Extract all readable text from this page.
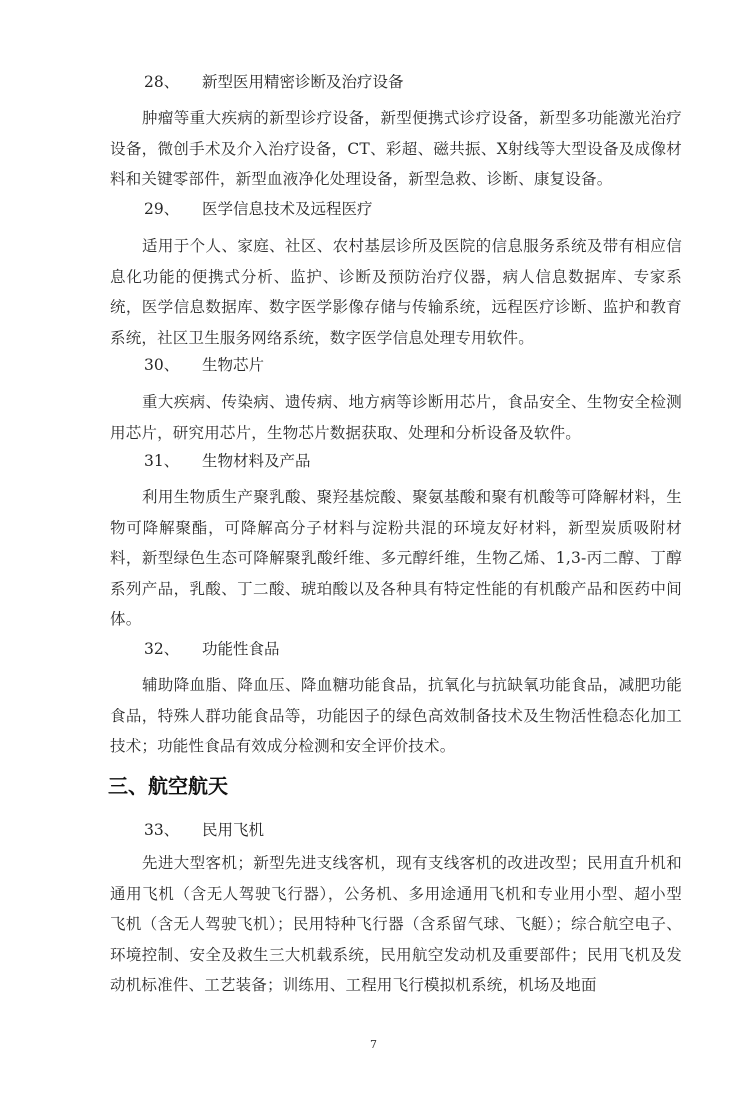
28、 新型医用精密诊断及治疗设备
肿瘤等重大疾病的新型诊疗设备，新型便携式诊疗设备，新型多功能激光治疗设备，微创手术及介入治疗设备，CT、彩超、磁共振、X射线等大型设备及成像材料和关键零部件，新型血液净化处理设备，新型急救、诊断、康复设备。
29、 医学信息技术及远程医疗
适用于个人、家庭、社区、农村基层诊所及医院的信息服务系统及带有相应信息化功能的便携式分析、监护、诊断及预防治疗仪器，病人信息数据库、专家系统，医学信息数据库、数字医学影像存储与传输系统，远程医疗诊断、监护和教育系统，社区卫生服务网络系统，数字医学信息处理专用软件。
30、 生物芯片
重大疾病、传染病、遗传病、地方病等诊断用芯片，食品安全、生物安全检测用芯片，研究用芯片，生物芯片数据获取、处理和分析设备及软件。
31、 生物材料及产品
利用生物质生产聚乳酸、聚羟基烷酸、聚氨基酸和聚有机酸等可降解材料，生物可降解聚酯，可降解高分子材料与淀粉共混的环境友好材料，新型炭质吸附材料，新型绿色生态可降解聚乳酸纤维、多元醇纤维，生物乙烯、1,3-丙二醇、丁醇系列产品，乳酸、丁二酸、琥珀酸以及各种具有特定性能的有机酸产品和医药中间体。
32、 功能性食品
辅助降血脂、降血压、降血糖功能食品，抗氧化与抗缺氧功能食品，减肥功能食品，特殊人群功能食品等，功能因子的绿色高效制备技术及生物活性稳态化加工技术；功能性食品有效成分检测和安全评价技术。
三、航空航天
33、 民用飞机
先进大型客机；新型先进支线客机，现有支线客机的改进改型；民用直升机和通用飞机（含无人驾驶飞行器），公务机、多用途通用飞机和专业用小型、超小型飞机（含无人驾驶飞机）；民用特种飞行器（含系留气球、飞艇）；综合航空电子、环境控制、安全及救生三大机载系统，民用航空发动机及重要部件；民用飞机及发动机标准件、工艺装备；训练用、工程用飞行模拟机系统，机场及地面
7
